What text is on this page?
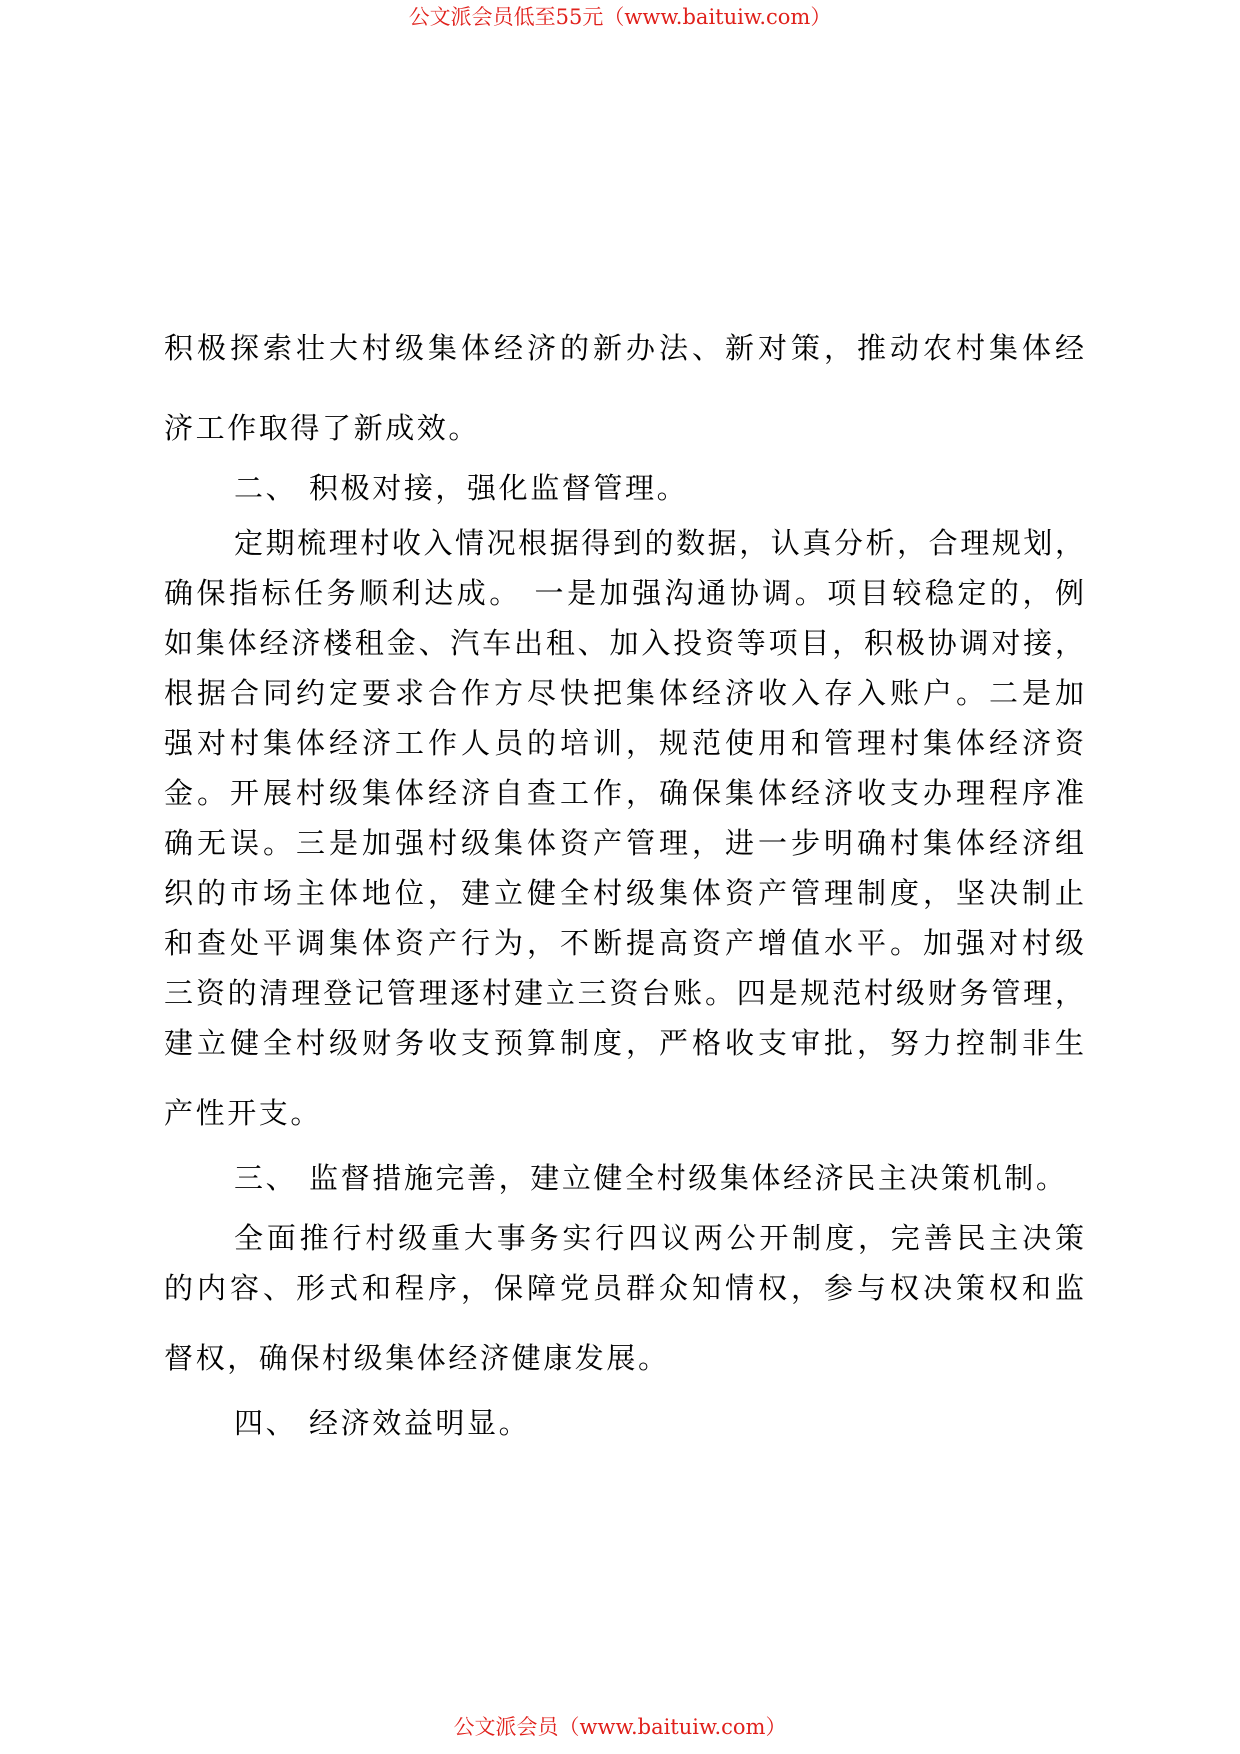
公文派会员低至55元（www.baituiw.com）

积极探索壮大村级集体经济的新办法、新对策，推动农村集体经

济工作取得了新成效。

二、 积极对接，强化监督管理。

定期梳理村收入情况根据得到的数据，认真分析，合理规划，

确保指标任务顺利达成。 一是加强沟通协调。项目较稳定的，例

如集体经济楼租金、汽车出租、加入投资等项目，积极协调对接，

根据合同约定要求合作方尽快把集体经济收入存入账户。二是加

强对村集体经济工作人员的培训，规范使用和管理村集体经济资

金。开展村级集体经济自查工作，确保集体经济收支办理程序准

确无误。三是加强村级集体资产管理，进一步明确村集体经济组

织的市场主体地位，建立健全村级集体资产管理制度，坚决制止

和查处平调集体资产行为，不断提高资产增值水平。加强对村级

三资的清理登记管理逐村建立三资台账。四是规范村级财务管理，

建立健全村级财务收支预算制度，严格收支审批，努力控制非生

产性开支。

三、 监督措施完善，建立健全村级集体经济民主决策机制。

全面推行村级重大事务实行四议两公开制度，完善民主决策

的内容、形式和程序，保障党员群众知情权，参与权决策权和监

督权，确保村级集体经济健康发展。

四、 经济效益明显。

公文派会员（www.baituiw.com）
